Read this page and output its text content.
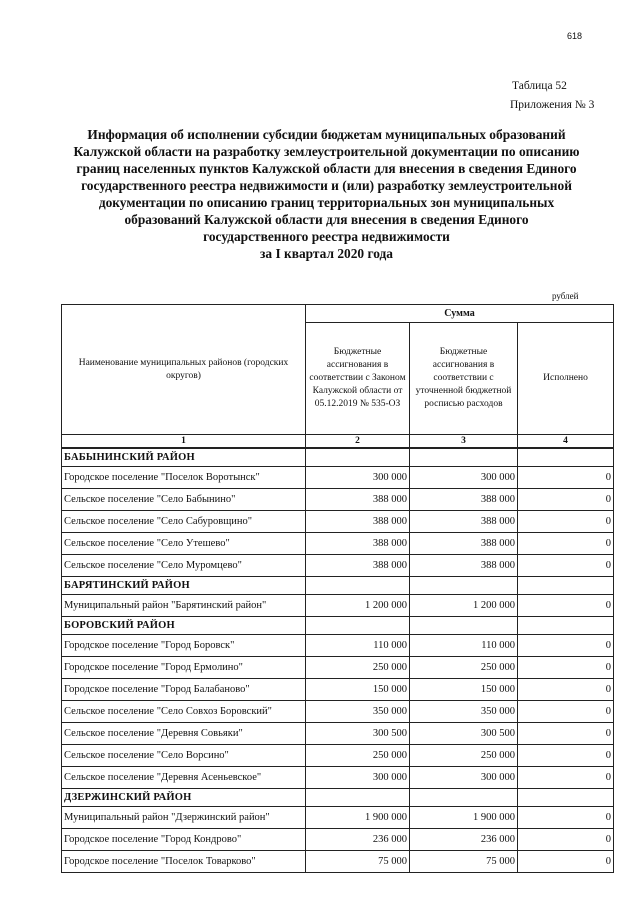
618
Таблица 52
Приложения № 3
Информация об исполнении субсидии бюджетам муниципальных образований
Калужской области на разработку землеустроительной документации по описанию
границ населенных пунктов Калужской области для внесения в сведения Единого
государственного реестра недвижимости и (или) разработку землеустроительной
документации по описанию границ территориальных зон муниципальных
образований Калужской области для внесения в сведения Единого
государственного реестра недвижимости
за I квартал 2020 года
рублей
Наименование муниципальных районов (городских округов)	Сумма		
	Бюджетные ассигнования в соответствии с Законом Калужской области от 05.12.2019 № 535-ОЗ	Бюджетные ассигнования в соответствии с уточненной бюджетной росписью расходов	Исполнено
1	2	3	4
БАБЫНИНСКИЙ РАЙОН			
Городское поселение "Поселок Воротынск"	300 000	300 000	0
Сельское поселение "Село Бабынино"	388 000	388 000	0
Сельское поселение "Село Сабуровщино"	388 000	388 000	0
Сельское поселение "Село Утешево"	388 000	388 000	0
Сельское поселение "Село Муромцево"	388 000	388 000	0
БАРЯТИНСКИЙ РАЙОН			
Муниципальный район "Барятинский район"	1 200 000	1 200 000	0
БОРОВСКИЙ РАЙОН			
Городское поселение "Город Боровск"	110 000	110 000	0
Городское поселение "Город Ермолино"	250 000	250 000	0
Городское поселение "Город Балабаново"	150 000	150 000	0
Сельское поселение "Село Совхоз Боровский"	350 000	350 000	0
Сельское поселение "Деревня Совьяки"	300 500	300 500	0
Сельское поселение "Село Ворсино"	250 000	250 000	0
Сельское поселение "Деревня Асеньевское"	300 000	300 000	0
ДЗЕРЖИНСКИЙ РАЙОН			
Муниципальный район "Дзержинский район"	1 900 000	1 900 000	0
Городское поселение "Город Кондрово"	236 000	236 000	0
Городское поселение "Поселок Товарково"	75 000	75 000	0
